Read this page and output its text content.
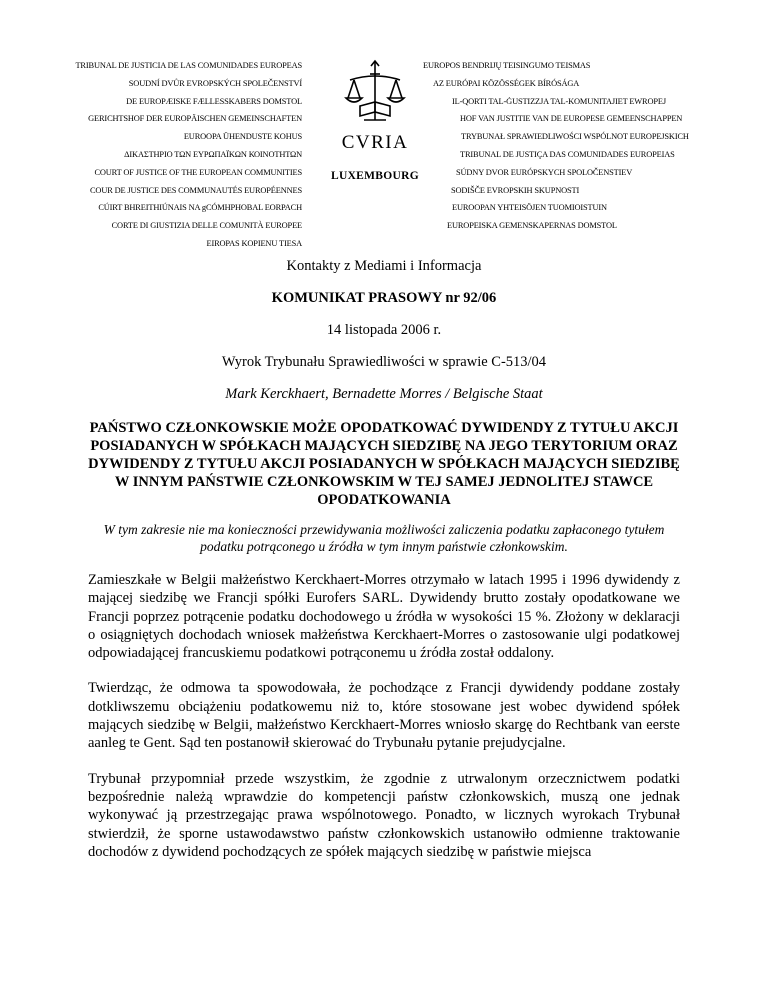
TRIBUNAL DE JUSTICIA DE LAS COMUNIDADES EUROPEAS
SOUDNÍ DVŮR EVROPSKÝCH SPOLEČENSTVÍ
DE EUROPÆISKE FÆLLESSKABERS DOMSTOL
GERICHTSHOF DER EUROPÄISCHEN GEMEINSCHAFTEN
EUROOPA ÜHENDUSTE KOHUS
ΔΙΚΑΣΤΗΡΙΟ ΤΩΝ ΕΥΡΩΠΑΪΚΩΝ ΚΟΙΝΟΤΗΤΩΝ
COURT OF JUSTICE OF THE EUROPEAN COMMUNITIES
COUR DE JUSTICE DES COMMUNAUTÉS EUROPÉENNES
CÚIRT BHREITHIÚNAIS NA gCÓMHPHOBAL EORPACH
CORTE DI GIUSTIZIA DELLE COMUNITÀ EUROPEE
EIROPAS KOPIENU TIESA
CVRIA
LUXEMBOURG
EUROPOS BENDRIJŲ TEISINGUMO TEISMAS
AZ EURÓPAI KÖZÖSSÉGEK BÍRÓSÁGA
IL-QORTI TAL-ĠUSTIZZJA TAL-KOMUNITAJIET EWROPEJ
HOF VAN JUSTITIE VAN DE EUROPESE GEMEENSCHAPPEN
TRYBUNAŁ SPRAWIEDLIWOŚCI WSPÓLNOT EUROPEJSKICH
TRIBUNAL DE JUSTIÇA DAS COMUNIDADES EUROPEIAS
SÚDNY DVOR EURÓPSKYCH SPOLOČENSTIEV
SODIŠČE EVROPSKIH SKUPNOSTI
EUROOPAN YHTEISÖJEN TUOMIOISTUIN
EUROPEISKA GEMENSKAPERNAS DOMSTOL

Kontakty z Mediami i Informacja

KOMUNIKAT PRASOWY nr 92/06

14 listopada 2006 r.

Wyrok Trybunału Sprawiedliwości w sprawie C-513/04

Mark Kerckhaert, Bernadette Morres / Belgische Staat

PAŃSTWO CZŁONKOWSKIE MOŻE OPODATKOWAĆ DYWIDENDY Z TYTUŁU AKCJI POSIADANYCH W SPÓŁKACH MAJĄCYCH SIEDZIBĘ NA JEGO TERYTORIUM ORAZ DYWIDENDY Z TYTUŁU AKCJI POSIADANYCH W SPÓŁKACH MAJĄCYCH SIEDZIBĘ W INNYM PAŃSTWIE CZŁONKOWSKIM W TEJ SAMEJ JEDNOLITEJ STAWCE OPODATKOWANIA

W tym zakresie nie ma konieczności przewidywania możliwości zaliczenia podatku zapłaconego tytułem podatku potrąconego u źródła w tym innym państwie członkowskim.

Zamieszkałe w Belgii małżeństwo Kerckhaert-Morres otrzymało w latach 1995 i 1996 dywidendy z mającej siedzibę we Francji spółki Eurofers SARL. Dywidendy brutto zostały opodatkowane we Francji poprzez potrącenie podatku dochodowego u źródła w wysokości 15 %. Złożony w deklaracji o osiągniętych dochodach wniosek małżeństwa Kerckhaert-Morres o zastosowanie ulgi podatkowej odpowiadającej francuskiemu podatkowi potrąconemu u źródła został oddalony.

Twierdząc, że odmowa ta spowodowała, że pochodzące z Francji dywidendy poddane zostały dotkliwszemu obciążeniu podatkowemu niż to, które stosowane jest wobec dywidend spółek mających siedzibę w Belgii, małżeństwo Kerckhaert-Morres wniosło skargę do Rechtbank van eerste aanleg te Gent. Sąd ten postanowił skierować do Trybunału pytanie prejudycjalne.

Trybunał przypomniał przede wszystkim, że zgodnie z utrwalonym orzecznictwem podatki bezpośrednie należą wprawdzie do kompetencji państw członkowskich, muszą one jednak wykonywać ją przestrzegając prawa wspólnotowego. Ponadto, w licznych wyrokach Trybunał stwierdził, że sporne ustawodawstwo państw członkowskich ustanowiło odmienne traktowanie dochodów z dywidend pochodzących ze spółek mających siedzibę w państwie miejsca
